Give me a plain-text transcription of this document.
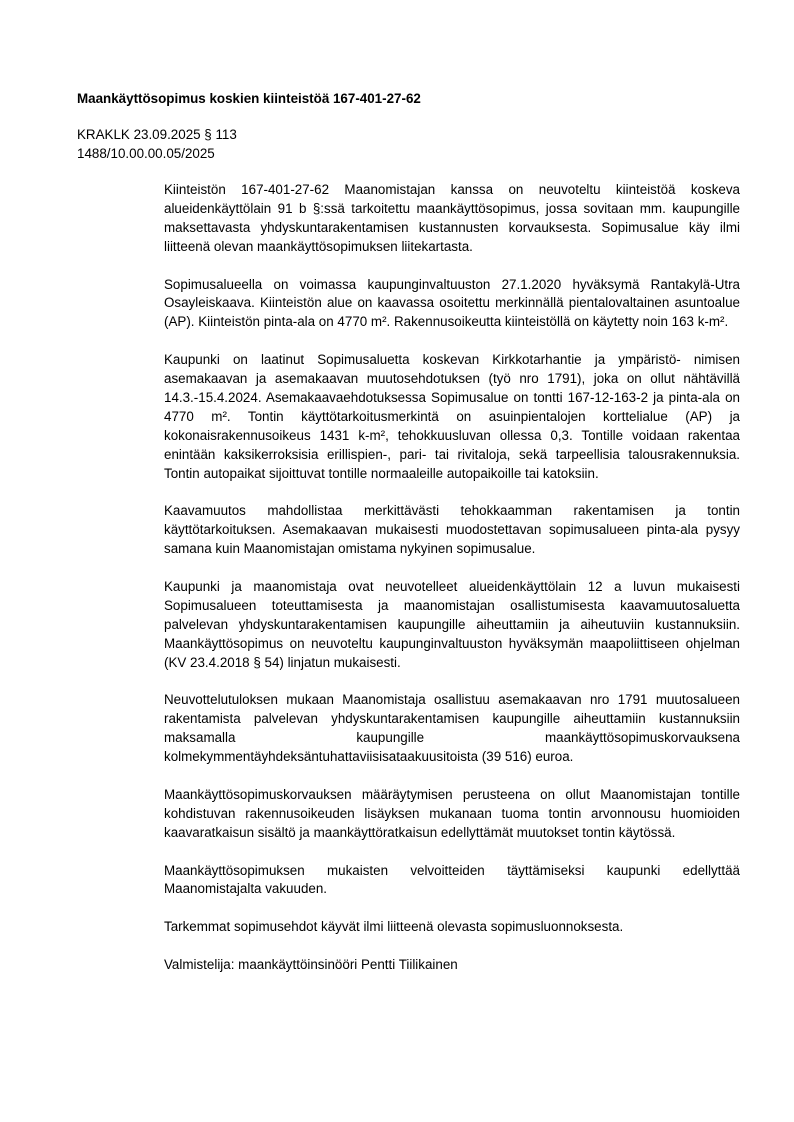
Maankäyttösopimus koskien kiinteistöä 167-401-27-62
KRAKLK 23.09.2025 § 113
1488/10.00.00.05/2025

Kiinteistön 167-401-27-62 Maanomistajan kanssa on neuvoteltu kiinteistöä koskeva alueidenkäyttölain 91 b §:ssä tarkoitettu maankäyttösopimus, jossa sovitaan mm. kaupungille maksettavasta yhdyskuntarakentamisen kustannusten korvauksesta. Sopimusalue käy ilmi liitteenä olevan maankäyttösopimuksen liitekartasta.

Sopimusalueella on voimassa kaupunginvaltuuston 27.1.2020 hyväksymä Rantakylä-Utra Osayleiskaava. Kiinteistön alue on kaavassa osoitettu merkinnällä pientalovaltainen asuntoalue (AP). Kiinteistön pinta-ala on 4770 m². Rakennusoikeutta kiinteistöllä on käytetty noin 163 k-m².

Kaupunki on laatinut Sopimusaluetta koskevan Kirkkotarhantie ja ympäristö- nimisen asemakaavan ja asemakaavan muutosehdotuksen (työ nro 1791), joka on ollut nähtävillä 14.3.-15.4.2024. Asemakaavaehdotuksessa Sopimusalue on tontti 167-12-163-2 ja pinta-ala on 4770 m². Tontin käyttötarkoitusmerkintä on asuinpientalojen korttelialue (AP) ja kokonaisrakennusoikeus 1431 k-m², tehokkuusluvan ollessa 0,3. Tontille voidaan rakentaa enintään kaksikerroksisia erillispien-, pari- tai rivitaloja, sekä tarpeellisia talousrakennuksia. Tontin autopaikat sijoittuvat tontille normaaleille autopaikoille tai katoksiin.

Kaavamuutos mahdollistaa merkittävästi tehokkaamman rakentamisen ja tontin käyttötarkoituksen. Asemakaavan mukaisesti muodostettavan sopimusalueen pinta-ala pysyy samana kuin Maanomistajan omistama nykyinen sopimusalue.

Kaupunki ja maanomistaja ovat neuvotelleet alueidenkäyttölain 12 a luvun mukaisesti Sopimusalueen toteuttamisesta ja maanomistajan osallistumisesta kaavamuutosaluetta palvelevan yhdyskuntarakentamisen kaupungille aiheuttamiin ja aiheutuviin kustannuksiin. Maankäyttösopimus on neuvoteltu kaupunginvaltuuston hyväksymän maapoliittiseen ohjelman (KV 23.4.2018 § 54) linjatun mukaisesti.

Neuvottelutuloksen mukaan Maanomistaja osallistuu asemakaavan nro 1791 muutosalueen rakentamista palvelevan yhdyskuntarakentamisen kaupungille aiheuttamiin kustannuksiin maksamalla kaupungille maankäyttösopimuskorvauksena kolmekymmentäyhdeksäntuhattaviisisataakuusitoista (39 516) euroa.

Maankäyttösopimuskorvauksen määräytymisen perusteena on ollut Maanomistajan tontille kohdistuvan rakennusoikeuden lisäyksen mukanaan tuoma tontin arvonnousu huomioiden kaavaratkaisun sisältö ja maankäyttöratkaisun edellyttämät muutokset tontin käytössä.

Maankäyttösopimuksen mukaisten velvoitteiden täyttämiseksi kaupunki edellyttää Maanomistajalta vakuuden.

Tarkemmat sopimusehdot käyvät ilmi liitteenä olevasta sopimusluonnoksesta.

Valmistelija: maankäyttöinsinööri Pentti Tiilikainen
